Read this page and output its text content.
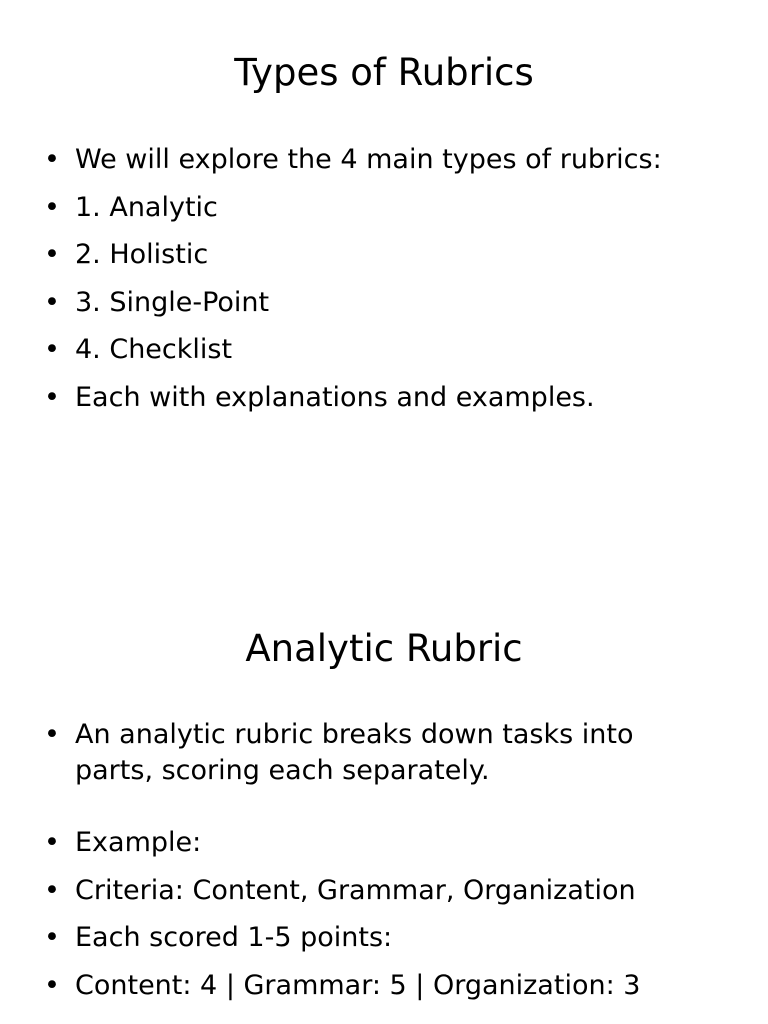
Types of Rubrics
• We will explore the 4 main types of rubrics:
• 1. Analytic
• 2. Holistic
• 3. Single-Point
• 4. Checklist
• Each with explanations and examples.
Analytic Rubric
• An analytic rubric breaks down tasks into parts, scoring each separately.
• Example:
• Criteria: Content, Grammar, Organization
• Each scored 1-5 points:
• Content: 4 | Grammar: 5 | Organization: 3
